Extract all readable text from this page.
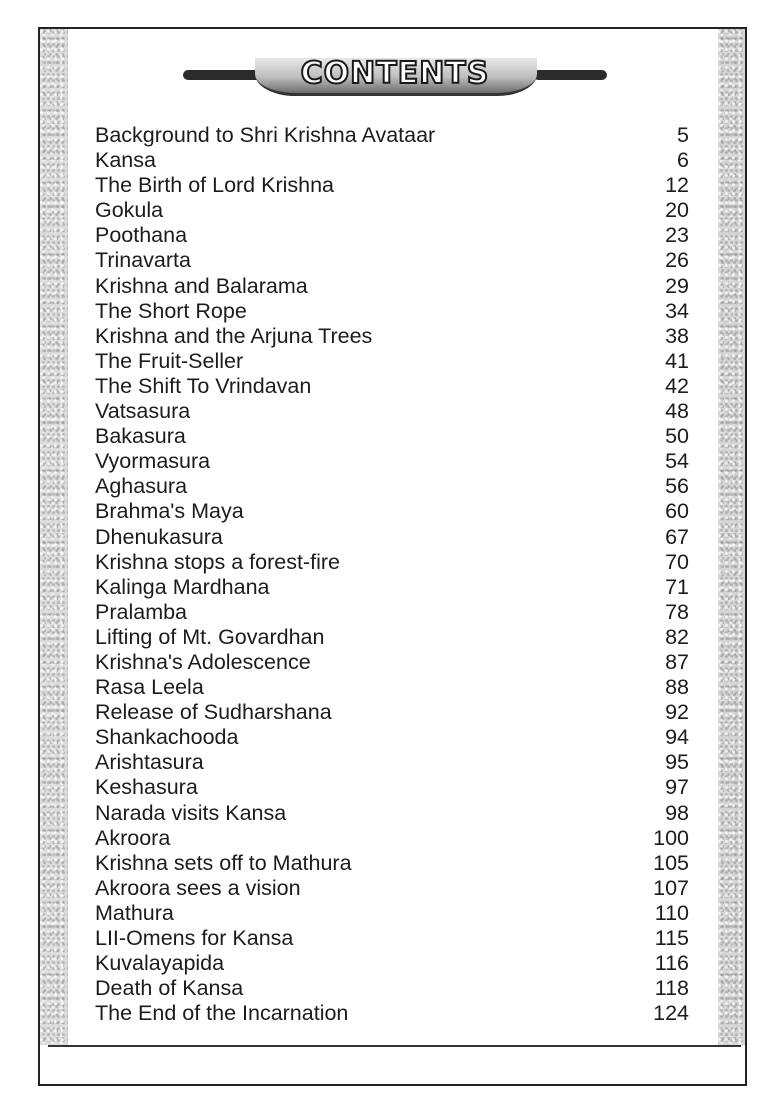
CONTENTS
Background to Shri Krishna Avataar	5
Kansa	6
The Birth of Lord Krishna	12
Gokula	20
Poothana	23
Trinavarta	26
Krishna and Balarama	29
The Short Rope	34
Krishna and the Arjuna Trees	38
The Fruit-Seller	41
The Shift To Vrindavan	42
Vatsasura	48
Bakasura	50
Vyormasura	54
Aghasura	56
Brahma's Maya	60
Dhenukasura	67
Krishna stops a forest-fire	70
Kalinga Mardhana	71
Pralamba	78
Lifting of Mt. Govardhan	82
Krishna's Adolescence	87
Rasa Leela	88
Release of Sudharshana	92
Shankachooda	94
Arishtasura	95
Keshasura	97
Narada visits Kansa	98
Akroora	100
Krishna sets off to Mathura	105
Akroora sees a vision	107
Mathura	110
LII-Omens for Kansa	115
Kuvalayapida	116
Death of Kansa	118
The End of the Incarnation	124
